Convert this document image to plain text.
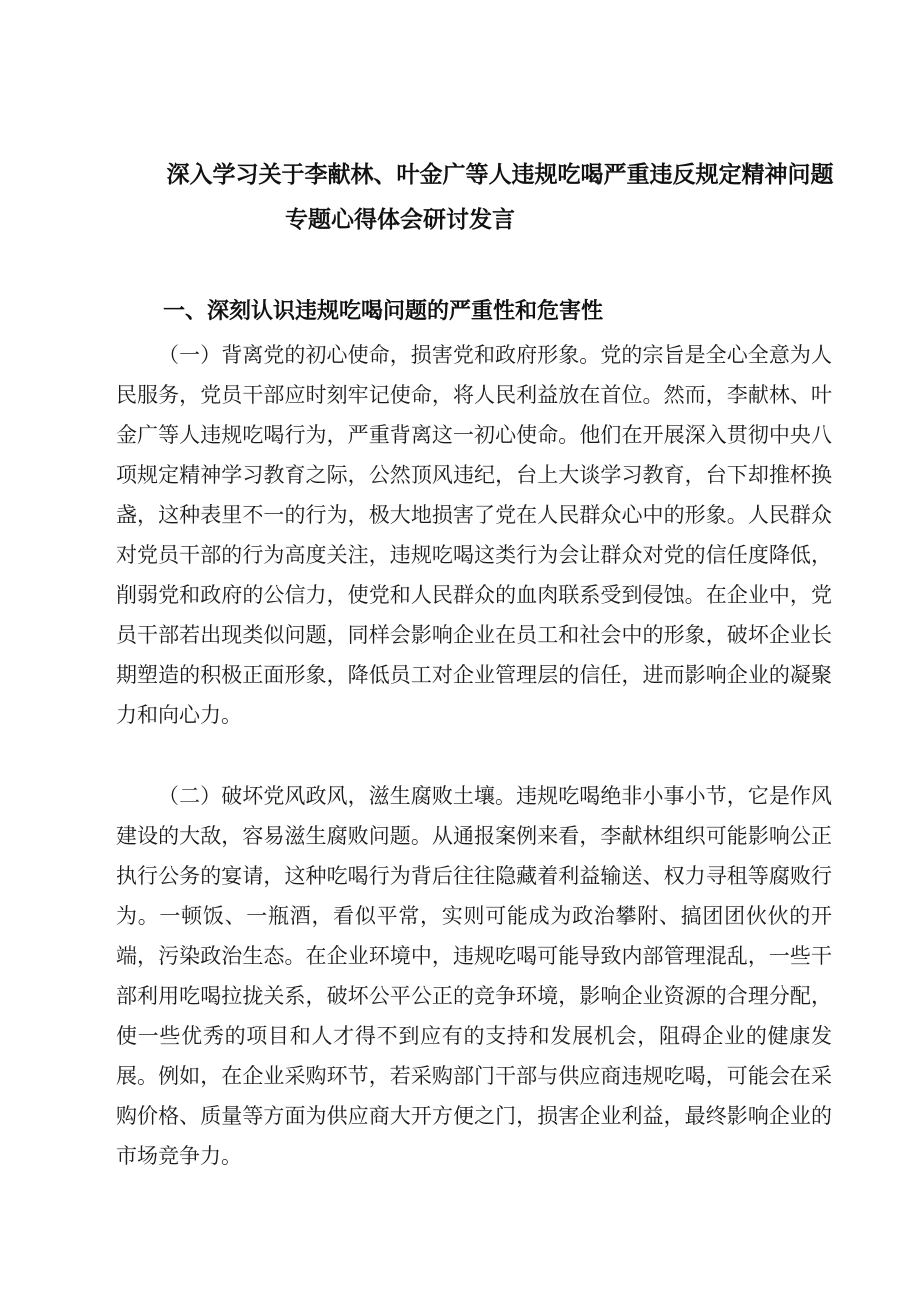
深入学习关于李献林、叶金广等人违规吃喝严重违反规定精神问题
专题心得体会研讨发言
一、深刻认识违规吃喝问题的严重性和危害性

（一）背离党的初心使命，损害党和政府形象。党的宗旨是全心全意为人民服务，党员干部应时刻牢记使命，将人民利益放在首位。然而，李献林、叶金广等人违规吃喝行为，严重背离这一初心使命。他们在开展深入贯彻中央八项规定精神学习教育之际，公然顶风违纪，台上大谈学习教育，台下却推杯换盏，这种表里不一的行为，极大地损害了党在人民群众心中的形象。人民群众对党员干部的行为高度关注，违规吃喝这类行为会让群众对党的信任度降低，削弱党和政府的公信力，使党和人民群众的血肉联系受到侵蚀。在企业中，党员干部若出现类似问题，同样会影响企业在员工和社会中的形象，破坏企业长期塑造的积极正面形象，降低员工对企业管理层的信任，进而影响企业的凝聚力和向心力。

（二）破坏党风政风，滋生腐败土壤。违规吃喝绝非小事小节，它是作风建设的大敌，容易滋生腐败问题。从通报案例来看，李献林组织可能影响公正执行公务的宴请，这种吃喝行为背后往往隐藏着利益输送、权力寻租等腐败行为。一顿饭、一瓶酒，看似平常，实则可能成为政治攀附、搞团团伙伙的开端，污染政治生态。在企业环境中，违规吃喝可能导致内部管理混乱，一些干部利用吃喝拉拢关系，破坏公平公正的竞争环境，影响企业资源的合理分配，使一些优秀的项目和人才得不到应有的支持和发展机会，阻碍企业的健康发展。例如，在企业采购环节，若采购部门干部与供应商违规吃喝，可能会在采购价格、质量等方面为供应商大开方便之门，损害企业利益，最终影响企业的市场竞争力。
